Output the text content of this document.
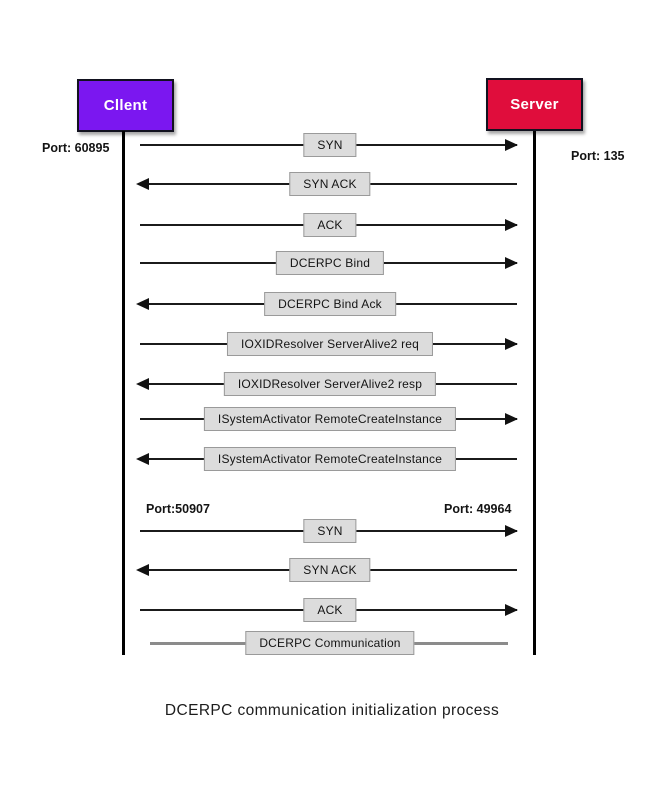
Cllent	Server
Port: 60895
Port: 135
Port:50907	Port: 49964
SYN
SYN ACK
ACK
DCERPC Bind
DCERPC Bind Ack
IOXIDResolver ServerAlive2 req
IOXIDResolver ServerAlive2 resp
ISystemActivator RemoteCreateInstance
ISystemActivator RemoteCreateInstance
SYN
SYN ACK
ACK
DCERPC Communication
DCERPC communication initialization process
